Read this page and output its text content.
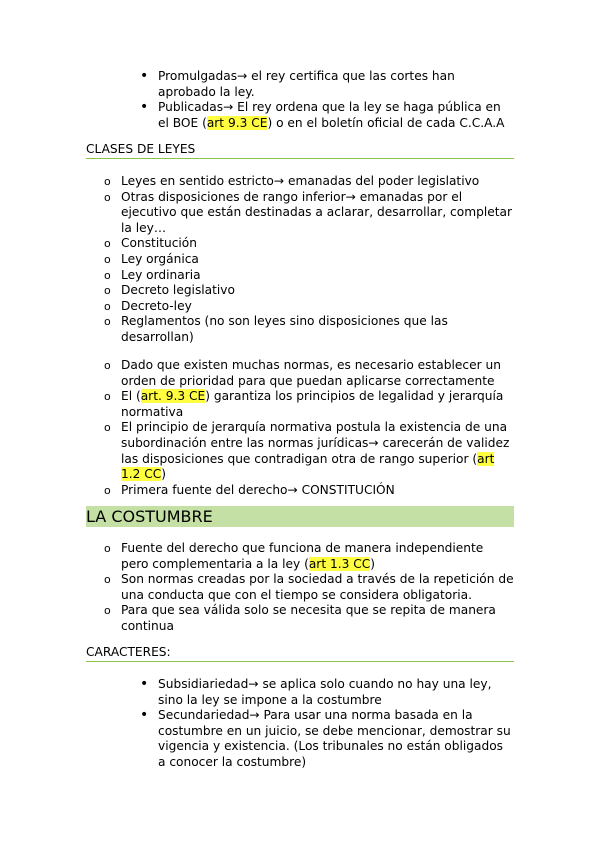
• Promulgadas→ el rey certifica que las cortes han aprobado la ley.
• Publicadas→ El rey ordena que la ley se haga pública en el BOE (art 9.3 CE) o en el boletín oficial de cada C.C.A.A
CLASES DE LEYES
o Leyes en sentido estricto→ emanadas del poder legislativo
o Otras disposiciones de rango inferior→ emanadas por el ejecutivo que están destinadas a aclarar, desarrollar, completar la ley…
o Constitución
o Ley orgánica
o Ley ordinaria
o Decreto legislativo
o Decreto-ley
o Reglamentos (no son leyes sino disposiciones que las desarrollan)
o Dado que existen muchas normas, es necesario establecer un orden de prioridad para que puedan aplicarse correctamente
o El (art. 9.3 CE) garantiza los principios de legalidad y jerarquía normativa
o El principio de jerarquía normativa postula la existencia de una subordinación entre las normas jurídicas→ carecerán de validez las disposiciones que contradigan otra de rango superior (art 1.2 CC)
o Primera fuente del derecho→ CONSTITUCIÓN
LA COSTUMBRE
o Fuente del derecho que funciona de manera independiente pero complementaria a la ley (art 1.3 CC)
o Son normas creadas por la sociedad a través de la repetición de una conducta que con el tiempo se considera obligatoria.
o Para que sea válida solo se necesita que se repita de manera continua
CARACTERES:
• Subsidiariedad→ se aplica solo cuando no hay una ley, sino la ley se impone a la costumbre
• Secundariedad→ Para usar una norma basada en la costumbre en un juicio, se debe mencionar, demostrar su vigencia y existencia. (Los tribunales no están obligados a conocer la costumbre)
